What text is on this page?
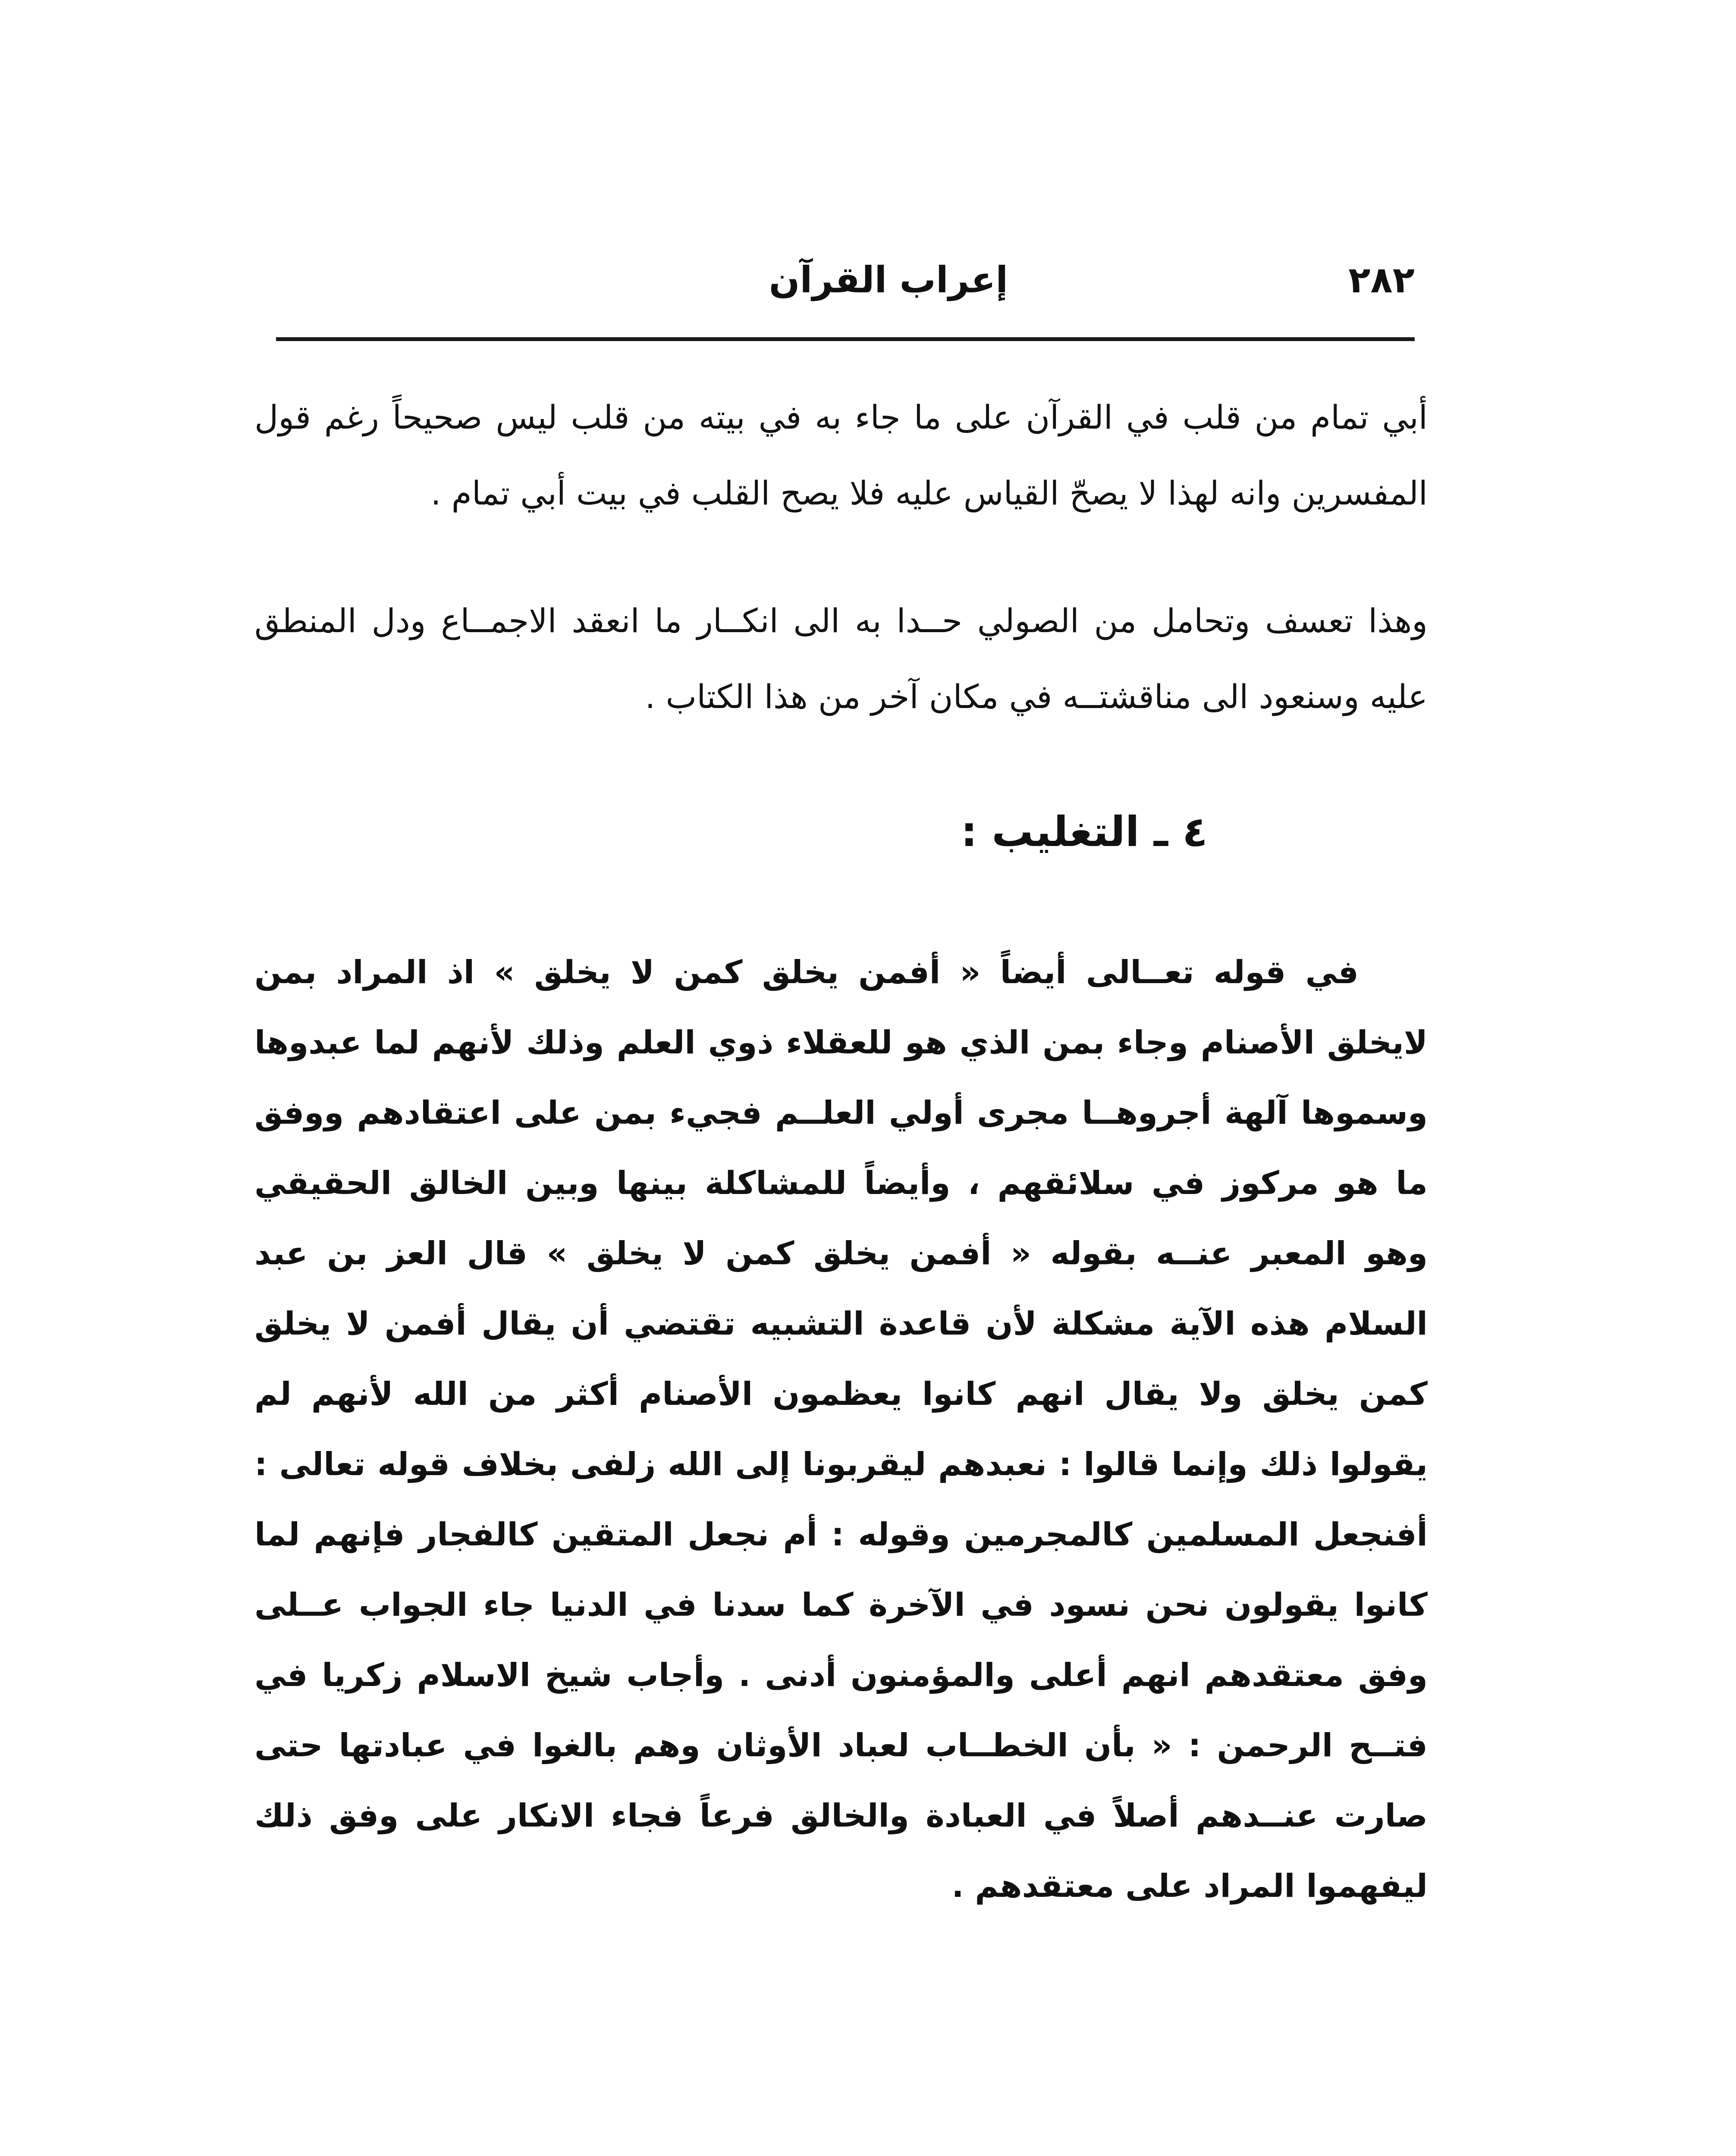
٢٨٢
إعراب القرآن

أبي تمام من قلب في القرآن على ما جاء به في بيته من قلب ليس صحيحاً رغم قول المفسرين وانه لهذا لا يصحّ القياس عليه فلا يصح القلب في بيت أبي تمام .

وهذا تعسف وتحامل من الصولي حــدا به الى انكــار ما انعقد الاجمــاع ودل المنطق عليه وسنعود الى مناقشتــه في مكان آخر من هذا الكتاب .

٤ ـ التغليب :

في قوله تعــالى أيضاً « أفمن يخلق كمن لا يخلق » اذ المراد بمن لايخلق الأصنام وجاء بمن الذي هو للعقلاء ذوي العلم وذلك لأنهم لما عبدوها وسموها آلهة أجروهــا مجرى أولي العلــم فجيء بمن على اعتقادهم ووفق ما هو مركوز في سلائقهم ، وأيضاً للمشاكلة بينها وبين الخالق الحقيقي وهو المعبر عنــه بقوله « أفمن يخلق كمن لا يخلق » قال العز بن عبد السلام هذه الآية مشكلة لأن قاعدة التشبيه تقتضي أن يقال أفمن لا يخلق كمن يخلق ولا يقال انهم كانوا يعظمون الأصنام أكثر من الله لأنهم لم يقولوا ذلك وإنما قالوا : نعبدهم ليقربونا إلى الله زلفى بخلاف قوله تعالى : أفنجعل المسلمين كالمجرمين وقوله : أم نجعل المتقين كالفجار فإنهم لما كانوا يقولون نحن نسود في الآخرة كما سدنا في الدنيا جاء الجواب عــلى وفق معتقدهم انهم أعلى والمؤمنون أدنى . وأجاب شيخ الاسلام زكريا في فتــح الرحمن : « بأن الخطــاب لعباد الأوثان وهم بالغوا في عبادتها حتى صارت عنــدهم أصلاً في العبادة والخالق فرعاً فجاء الانكار على وفق ذلك ليفهموا المراد على معتقدهم .
